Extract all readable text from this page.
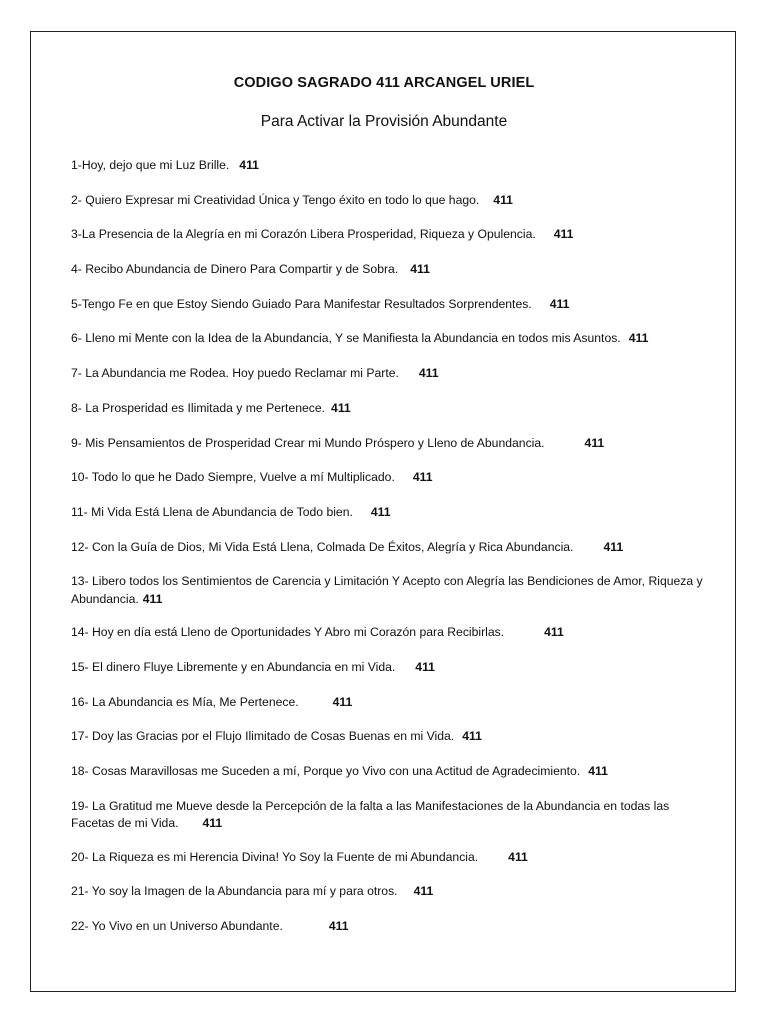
CODIGO SAGRADO 411 ARCANGEL URIEL
Para Activar la Provisión Abundante
1-Hoy, dejo que mi Luz Brille. 411
2- Quiero Expresar mi Creatividad Única y Tengo éxito en todo lo que hago. 411
3-La Presencia de la Alegría en mi Corazón Libera Prosperidad, Riqueza y Opulencia. 411
4- Recibo Abundancia de Dinero Para Compartir y de Sobra. 411
5-Tengo Fe en que Estoy Siendo Guiado Para Manifestar Resultados Sorprendentes. 411
6- Lleno mi Mente con la Idea de la Abundancia, Y se Manifiesta la Abundancia en todos mis Asuntos. 411
7- La Abundancia me Rodea. Hoy puedo Reclamar mi Parte. 411
8- La Prosperidad es Ilimitada y me Pertenece. 411
9- Mis Pensamientos de Prosperidad Crear mi Mundo Próspero y Lleno de Abundancia.	411
10- Todo lo que he Dado Siempre, Vuelve a mí Multiplicado. 411
11- Mi Vida Está Llena de Abundancia de Todo bien. 411
12- Con la Guía de Dios, Mi Vida Está Llena, Colmada De Éxitos, Alegría y Rica Abundancia. 411
13- Libero todos los Sentimientos de Carencia y Limitación Y Acepto con Alegría las Bendiciones de Amor, Riqueza y Abundancia. 411
14- Hoy en día está Lleno de Oportunidades Y Abro mi Corazón para Recibirlas.	411
15- El dinero Fluye Libremente y en Abundancia en mi Vida. 411
16- La Abundancia es Mía, Me Pertenece.	411
17- Doy las Gracias por el Flujo Ilimitado de Cosas Buenas en mi Vida. 411
18- Cosas Maravillosas me Suceden a mí, Porque yo Vivo con una Actitud de Agradecimiento. 411
19- La Gratitud me Mueve desde la Percepción de la falta a las Manifestaciones de la Abundancia en todas las Facetas de mi Vida. 411
20- La Riqueza es mi Herencia Divina! Yo Soy la Fuente de mi Abundancia. 411
21- Yo soy la Imagen de la Abundancia para mí y para otros. 411
22- Yo Vivo en un Universo Abundante.	411
